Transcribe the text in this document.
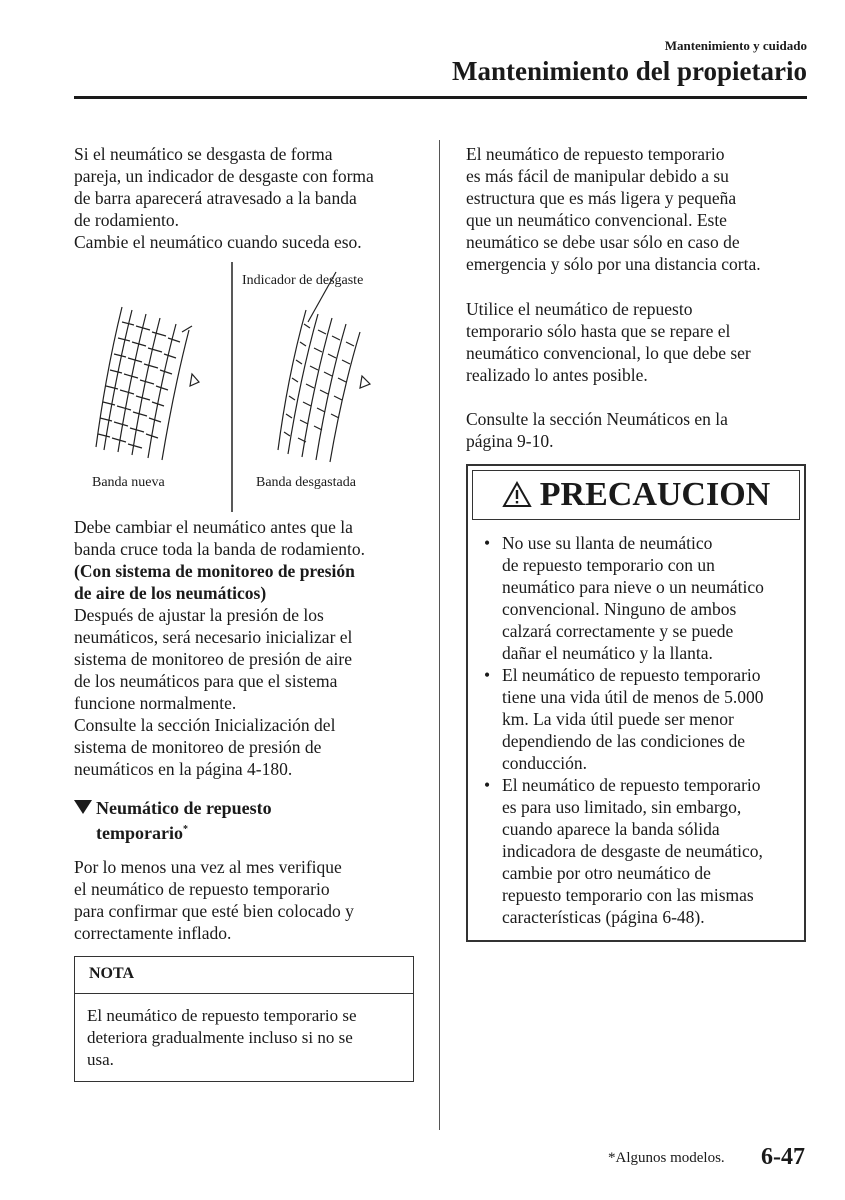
Mantenimiento y cuidado
Mantenimiento del propietario
Si el neumático se desgasta de forma
pareja, un indicador de desgaste con forma
de barra aparecerá atravesado a la banda
de rodamiento.
Cambie el neumático cuando suceda eso.
Indicador de desgaste
Banda nueva	Banda desgastada
Debe cambiar el neumático antes que la
banda cruce toda la banda de rodamiento.
(Con sistema de monitoreo de presión
de aire de los neumáticos)
Después de ajustar la presión de los
neumáticos, será necesario inicializar el
sistema de monitoreo de presión de aire
de los neumáticos para que el sistema
funcione normalmente.
Consulte la sección Inicialización del
sistema de monitoreo de presión de
neumáticos en la página 4-180.
Neumático de repuesto
temporario*
Por lo menos una vez al mes verifique
el neumático de repuesto temporario
para confirmar que esté bien colocado y
correctamente inflado.
NOTA
El neumático de repuesto temporario se
deteriora gradualmente incluso si no se
usa.
El neumático de repuesto temporario
es más fácil de manipular debido a su
estructura que es más ligera y pequeña
que un neumático convencional. Este
neumático se debe usar sólo en caso de
emergencia y sólo por una distancia corta.
Utilice el neumático de repuesto
temporario sólo hasta que se repare el
neumático convencional, lo que debe ser
realizado lo antes posible.
Consulte la sección Neumáticos en la
página 9-10.
PRECAUCION
• No use su llanta de neumático
de repuesto temporario con un
neumático para nieve o un neumático
convencional. Ninguno de ambos
calzará correctamente y se puede
dañar el neumático y la llanta.
• El neumático de repuesto temporario
tiene una vida útil de menos de 5.000
km. La vida útil puede ser menor
dependiendo de las condiciones de
conducción.
• El neumático de repuesto temporario
es para uso limitado, sin embargo,
cuando aparece la banda sólida
indicadora de desgaste de neumático,
cambie por otro neumático de
repuesto temporario con las mismas
características (página 6-48).
*Algunos modelos. 6-47
